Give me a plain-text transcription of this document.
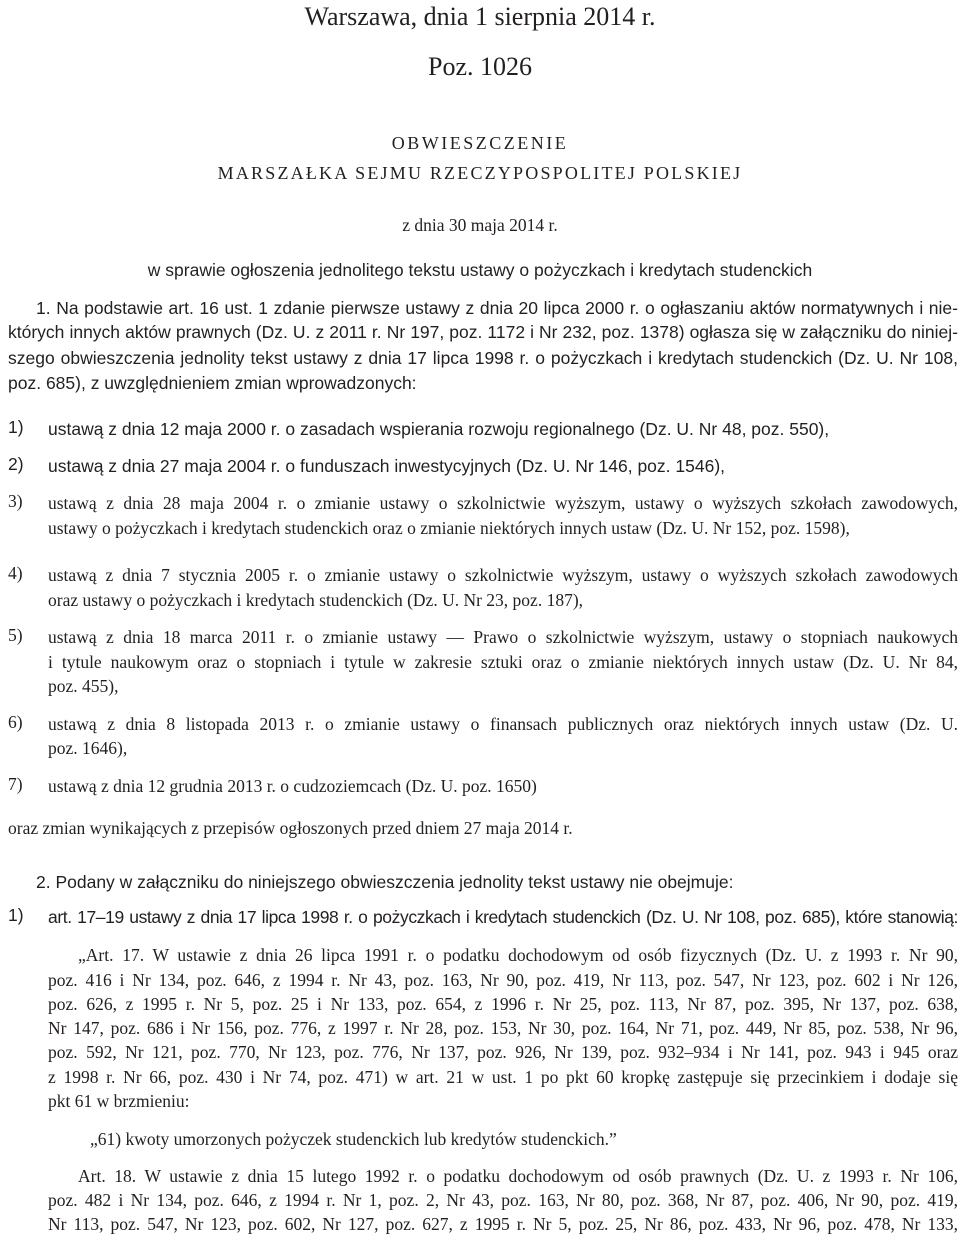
Warszawa, dnia 1 sierpnia 2014 r.
Poz. 1026
OBWIESZCZENIE
MARSZAŁKA SEJMU RZECZYPOSPOLITEJ POLSKIEJ
z dnia 30 maja 2014 r.
w sprawie ogłoszenia jednolitego tekstu ustawy o pożyczkach i kredytach studenckich
1. Na podstawie art. 16 ust. 1 zdanie pierwsze ustawy z dnia 20 lipca 2000 r. o ogłaszaniu aktów normatywnych i nie-
których innych aktów prawnych (Dz. U. z 2011 r. Nr 197, poz. 1172 i Nr 232, poz. 1378) ogłasza się w załączniku do niniej-
szego obwieszczenia jednolity tekst ustawy z dnia 17 lipca 1998 r. o pożyczkach i kredytach studenckich (Dz. U. Nr 108,
poz. 685), z uwzględnieniem zmian wprowadzonych:
1) ustawą z dnia 12 maja 2000 r. o zasadach wspierania rozwoju regionalnego (Dz. U. Nr 48, poz. 550),
2) ustawą z dnia 27 maja 2004 r. o funduszach inwestycyjnych (Dz. U. Nr 146, poz. 1546),
3) ustawą z dnia 28 maja 2004 r. o zmianie ustawy o szkolnictwie wyższym, ustawy o wyższych szkołach zawodowych,
ustawy o pożyczkach i kredytach studenckich oraz o zmianie niektórych innych ustaw (Dz. U. Nr 152, poz. 1598),
4) ustawą z dnia 7 stycznia 2005 r. o zmianie ustawy o szkolnictwie wyższym, ustawy o wyższych szkołach zawodowych
oraz ustawy o pożyczkach i kredytach studenckich (Dz. U. Nr 23, poz. 187),
5) ustawą z dnia 18 marca 2011 r. o zmianie ustawy — Prawo o szkolnictwie wyższym, ustawy o stopniach naukowych
i tytule naukowym oraz o stopniach i tytule w zakresie sztuki oraz o zmianie niektórych innych ustaw (Dz. U. Nr 84,
poz. 455),
6) ustawą z dnia 8 listopada 2013 r. o zmianie ustawy o finansach publicznych oraz niektórych innych ustaw (Dz. U.
poz. 1646),
7) ustawą z dnia 12 grudnia 2013 r. o cudzoziemcach (Dz. U. poz. 1650)
oraz zmian wynikających z przepisów ogłoszonych przed dniem 27 maja 2014 r.
2. Podany w załączniku do niniejszego obwieszczenia jednolity tekst ustawy nie obejmuje:
1) art. 17–19 ustawy z dnia 17 lipca 1998 r. o pożyczkach i kredytach studenckich (Dz. U. Nr 108, poz. 685), które stanowią:
„Art. 17. W ustawie z dnia 26 lipca 1991 r. o podatku dochodowym od osób fizycznych (Dz. U. z 1993 r. Nr 90,
poz. 416 i Nr 134, poz. 646, z 1994 r. Nr 43, poz. 163, Nr 90, poz. 419, Nr 113, poz. 547, Nr 123, poz. 602 i Nr 126,
poz. 626, z 1995 r. Nr 5, poz. 25 i Nr 133, poz. 654, z 1996 r. Nr 25, poz. 113, Nr 87, poz. 395, Nr 137, poz. 638,
Nr 147, poz. 686 i Nr 156, poz. 776, z 1997 r. Nr 28, poz. 153, Nr 30, poz. 164, Nr 71, poz. 449, Nr 85, poz. 538, Nr 96,
poz. 592, Nr 121, poz. 770, Nr 123, poz. 776, Nr 137, poz. 926, Nr 139, poz. 932–934 i Nr 141, poz. 943 i 945 oraz
z 1998 r. Nr 66, poz. 430 i Nr 74, poz. 471) w art. 21 w ust. 1 po pkt 60 kropkę zastępuje się przecinkiem i dodaje się
pkt 61 w brzmieniu:
„61) kwoty umorzonych pożyczek studenckich lub kredytów studenckich.”
Art. 18. W ustawie z dnia 15 lutego 1992 r. o podatku dochodowym od osób prawnych (Dz. U. z 1993 r. Nr 106,
poz. 482 i Nr 134, poz. 646, z 1994 r. Nr 1, poz. 2, Nr 43, poz. 163, Nr 80, poz. 368, Nr 87, poz. 406, Nr 90, poz. 419,
Nr 113, poz. 547, Nr 123, poz. 602, Nr 127, poz. 627, z 1995 r. Nr 5, poz. 25, Nr 86, poz. 433, Nr 96, poz. 478, Nr 133,
